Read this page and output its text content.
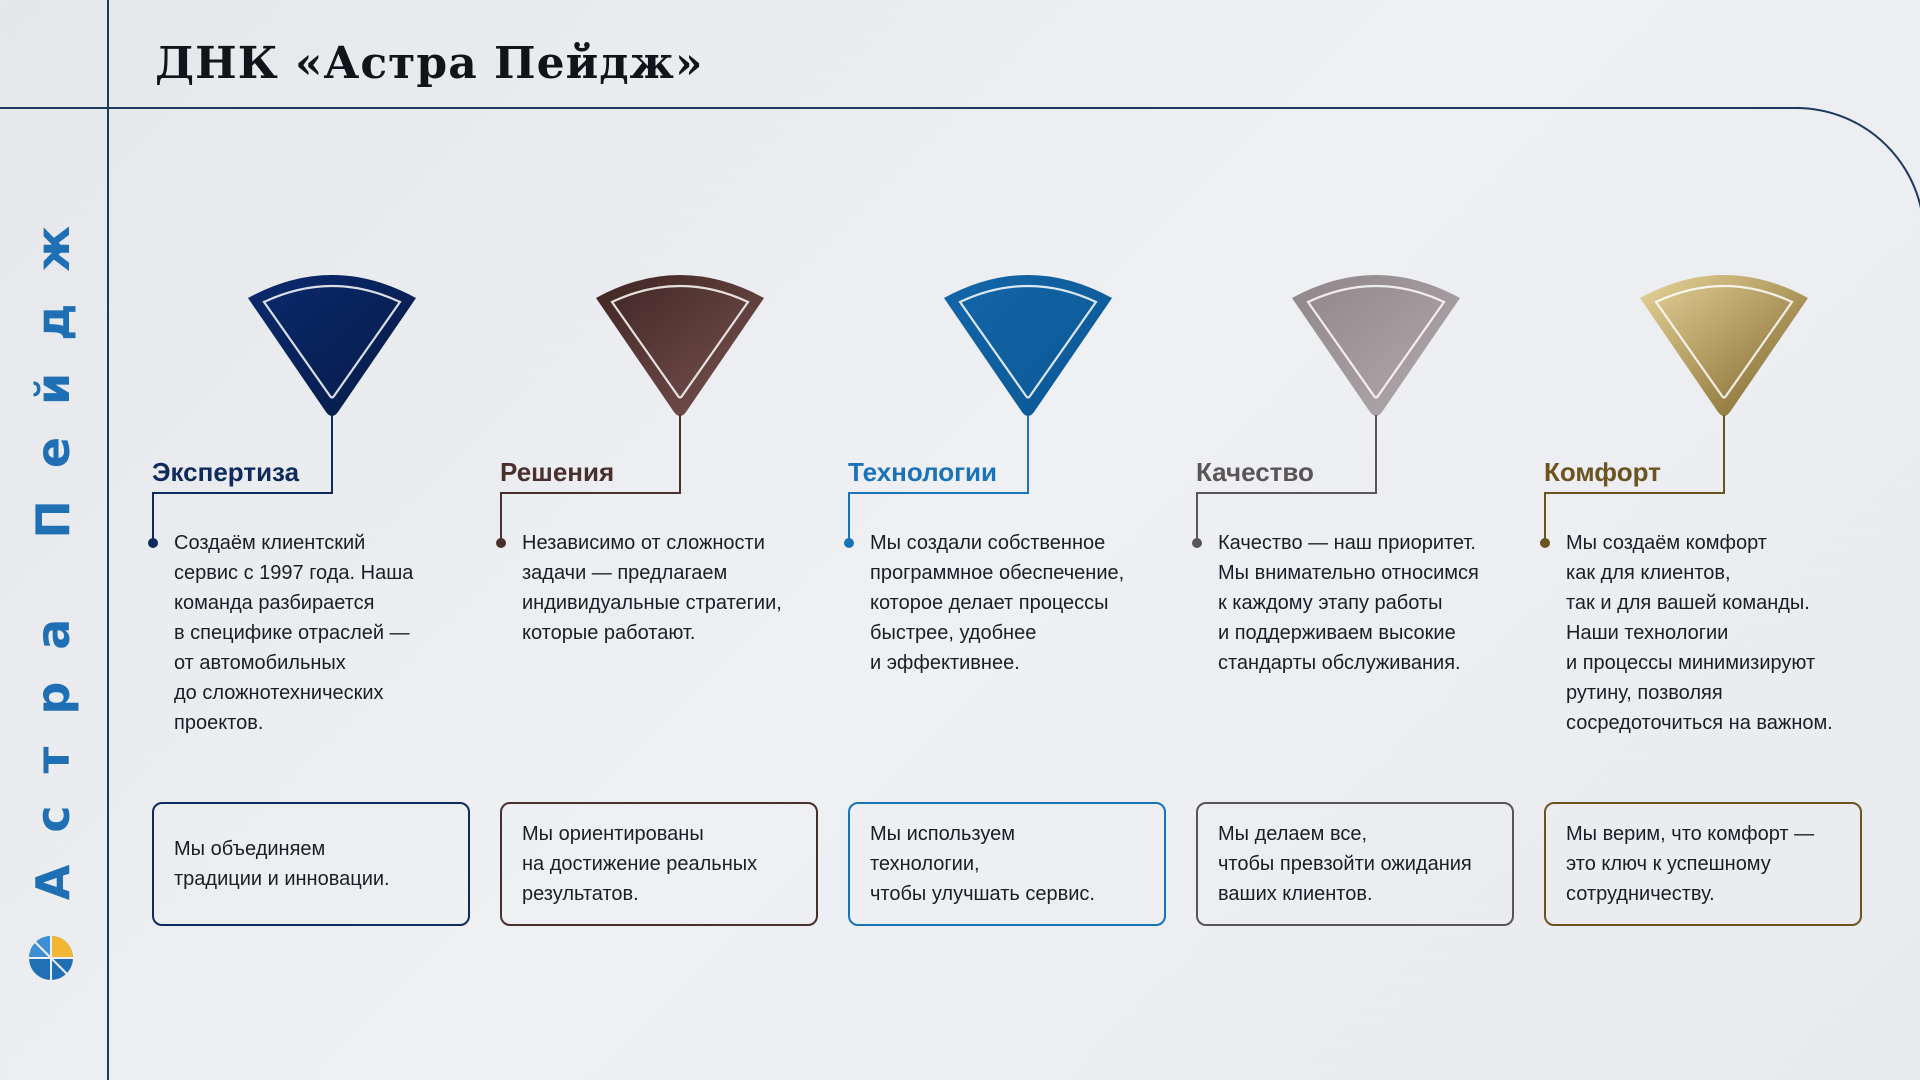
Астра Пейдж
ДНК «Астра Пейдж»
Экспертиза

Создаём клиентский
сервис с 1997 года. Наша
команда разбирается
в специфике отраслей —
от автомобильных
до сложнотехнических
проектов.

Мы объединяем
традиции и инновации.
Решения

Независимо от сложности
задачи — предлагаем
индивидуальные стратегии,
которые работают.

Мы ориентированы
на достижение реальных
результатов.
Технологии

Мы создали собственное
программное обеспечение,
которое делает процессы
быстрее, удобнее
и эффективнее.

Мы используем
технологии,
чтобы улучшать сервис.
Качество

Качество — наш приоритет.
Мы внимательно относимся
к каждому этапу работы
и поддерживаем высокие
стандарты обслуживания.

Мы делаем все,
чтобы превзойти ожидания
ваших клиентов.
Комфорт

Мы создаём комфорт
как для клиентов,
так и для вашей команды.
Наши технологии
и процессы минимизируют
рутину, позволяя
сосредоточиться на важном.

Мы верим, что комфорт —
это ключ к успешному
сотрудничеству.
